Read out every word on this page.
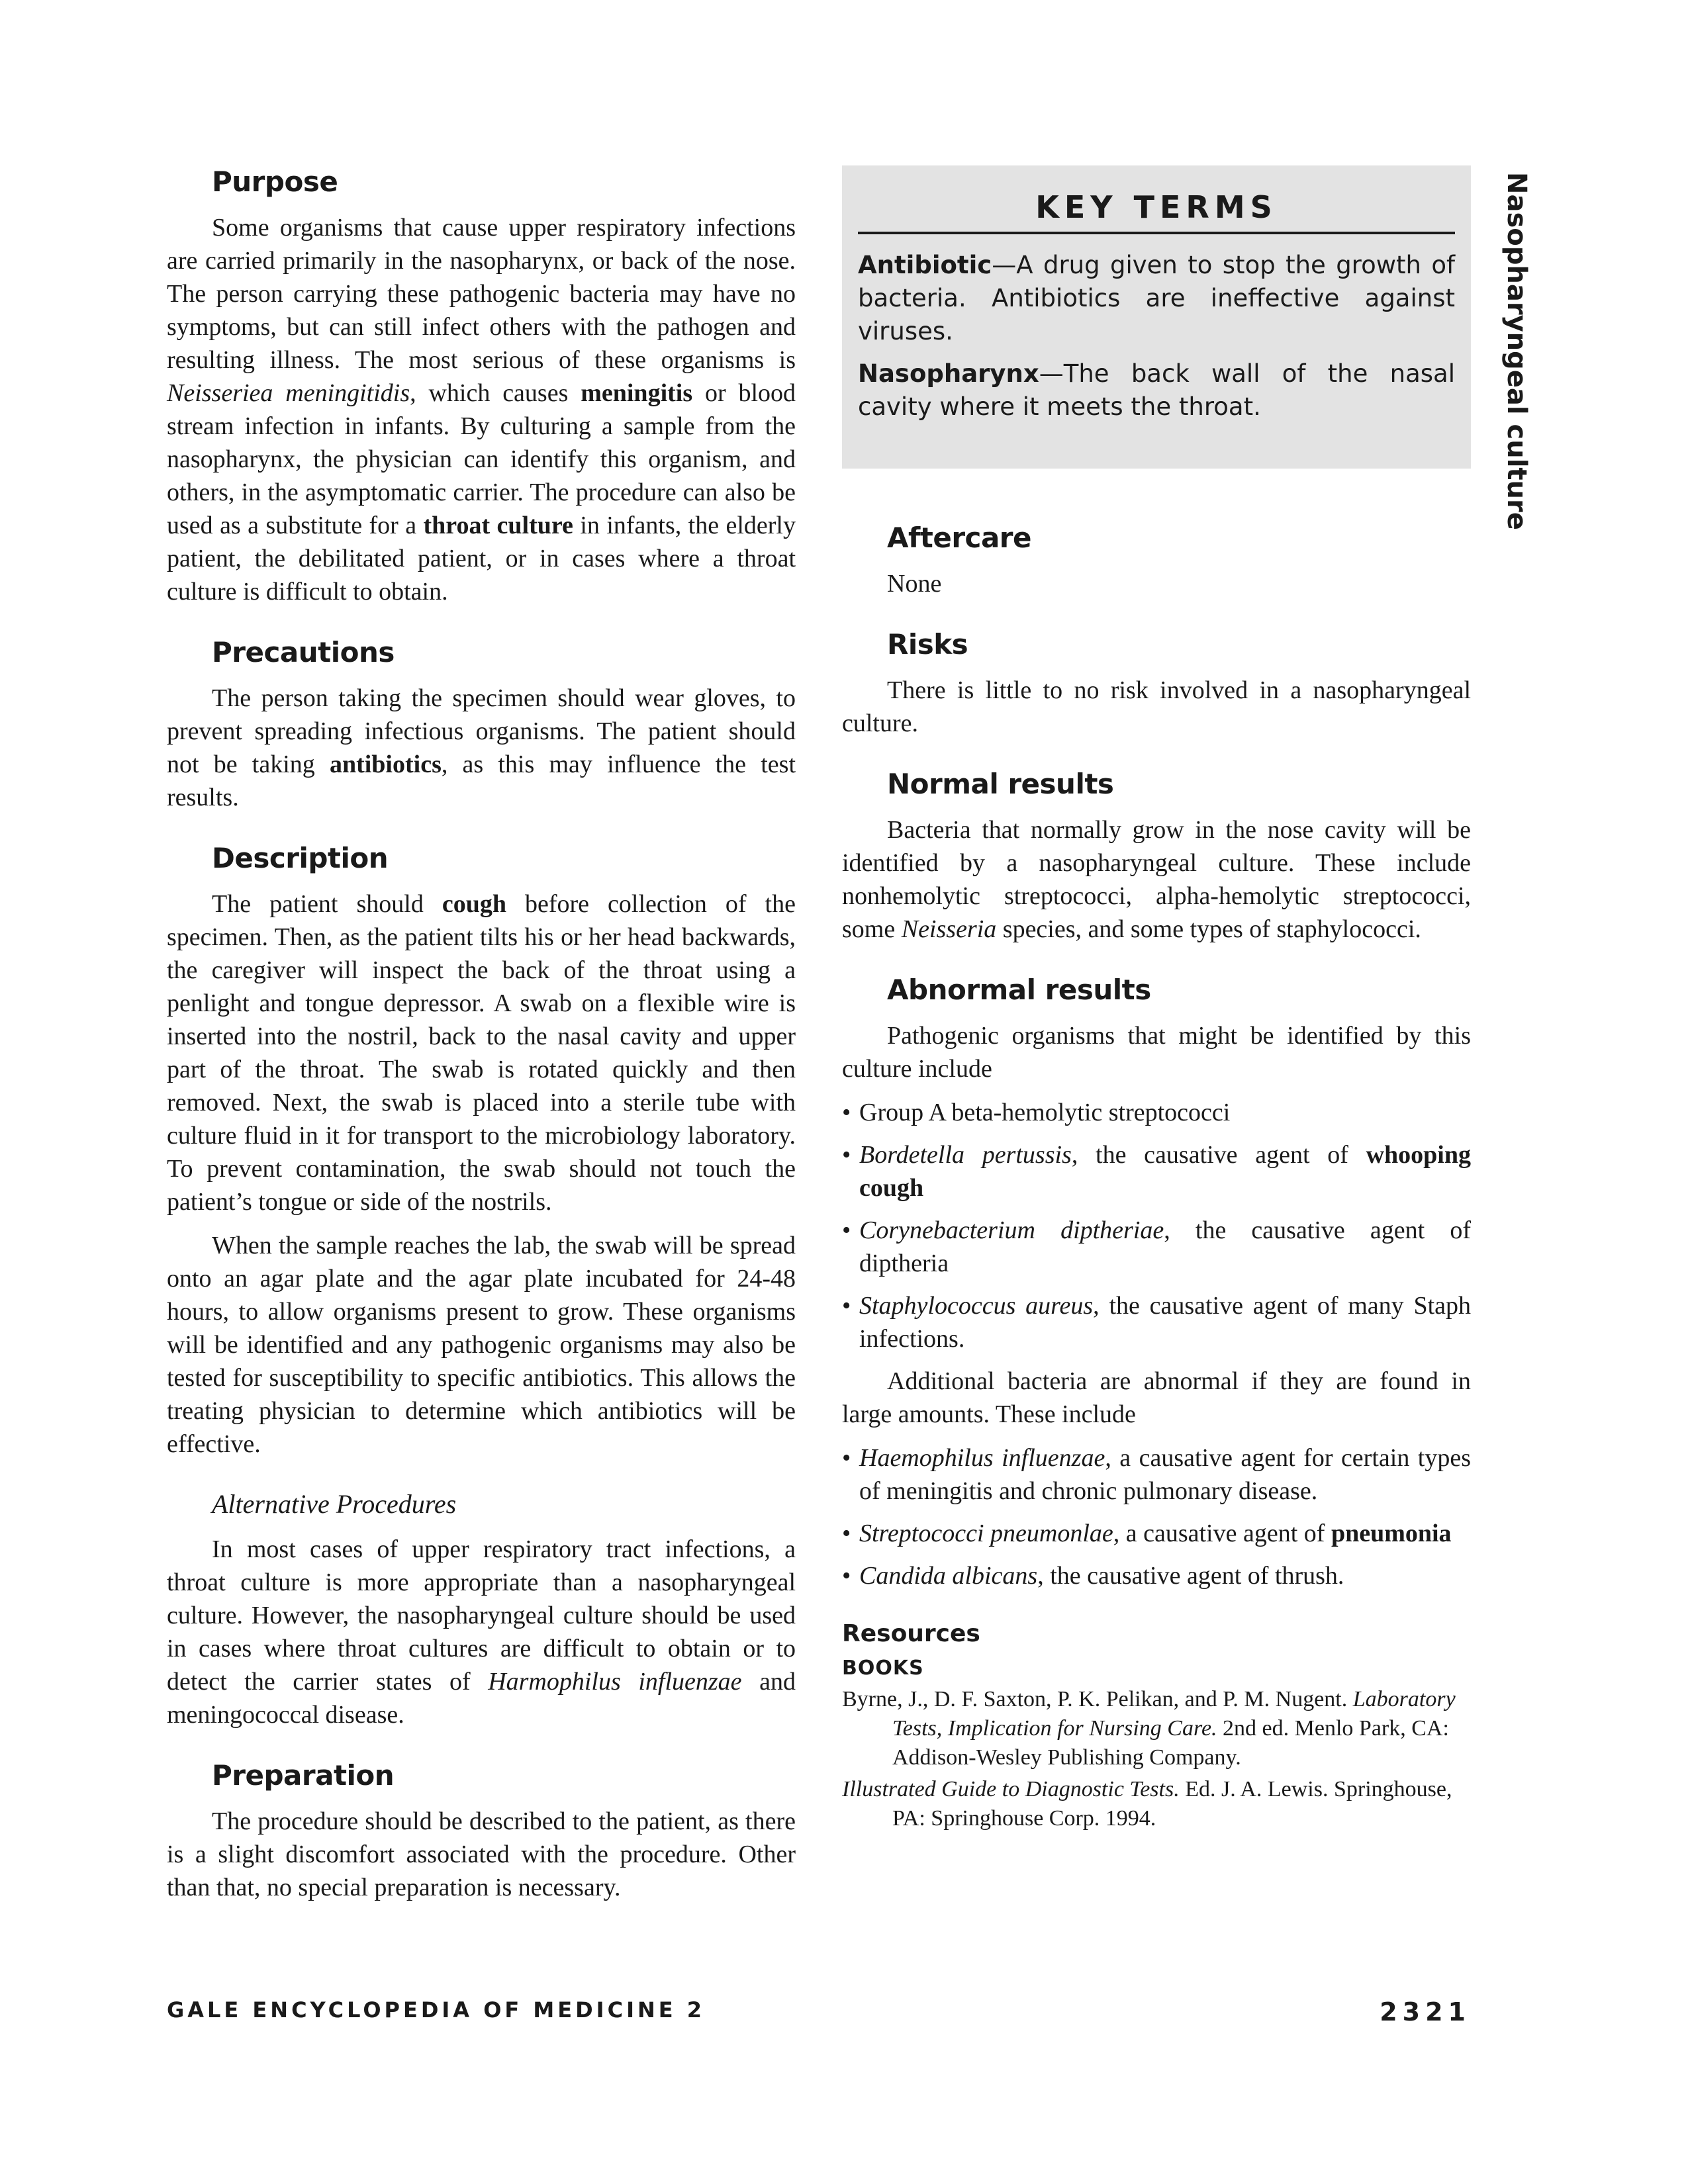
Nasopharyngeal culture
Purpose

Some organisms that cause upper respiratory infections are carried primarily in the nasopharynx, or back of the nose. The person carrying these pathogenic bacteria may have no symptoms, but can still infect others with the pathogen and resulting illness. The most serious of these organisms is Neisseriea meningitidis, which causes meningitis or blood stream infection in infants. By culturing a sample from the nasopharynx, the physician can identify this organism, and others, in the asymptomatic carrier. The procedure can also be used as a substitute for a throat culture in infants, the elderly patient, the debilitated patient, or in cases where a throat culture is difficult to obtain.

Precautions

The person taking the specimen should wear gloves, to prevent spreading infectious organisms. The patient should not be taking antibiotics, as this may influence the test results.

Description

The patient should cough before collection of the specimen. Then, as the patient tilts his or her head backwards, the caregiver will inspect the back of the throat using a penlight and tongue depressor. A swab on a flexible wire is inserted into the nostril, back to the nasal cavity and upper part of the throat. The swab is rotated quickly and then removed. Next, the swab is placed into a sterile tube with culture fluid in it for transport to the microbiology laboratory. To prevent contamination, the swab should not touch the patient’s tongue or side of the nostrils.

When the sample reaches the lab, the swab will be spread onto an agar plate and the agar plate incubated for 24-48 hours, to allow organisms present to grow. These organisms will be identified and any pathogenic organisms may also be tested for susceptibility to specific antibiotics. This allows the treating physician to determine which antibiotics will be effective.

Alternative Procedures

In most cases of upper respiratory tract infections, a throat culture is more appropriate than a nasopharyngeal culture. However, the nasopharyngeal culture should be used in cases where throat cultures are difficult to obtain or to detect the carrier states of Harmophilus influenzae and meningococcal disease.

Preparation

The procedure should be described to the patient, as there is a slight discomfort associated with the procedure. Other than that, no special preparation is necessary.

KEY TERMS

Antibiotic—A drug given to stop the growth of bacteria. Antibiotics are ineffective against viruses.

Nasopharynx—The back wall of the nasal cavity where it meets the throat.

Aftercare

None

Risks

There is little to no risk involved in a nasopharyngeal culture.

Normal results

Bacteria that normally grow in the nose cavity will be identified by a nasopharyngeal culture. These include nonhemolytic streptococci, alpha-hemolytic streptococci, some Neisseria species, and some types of staphylococci.

Abnormal results

Pathogenic organisms that might be identified by this culture include

• Group A beta-hemolytic streptococci
• Bordetella pertussis, the causative agent of whooping cough
• Corynebacterium diptheriae, the causative agent of diptheria
• Staphylococcus aureus, the causative agent of many Staph infections.

Additional bacteria are abnormal if they are found in large amounts. These include

• Haemophilus influenzae, a causative agent for certain types of meningitis and chronic pulmonary disease.
• Streptococci pneumonlae, a causative agent of pneumonia
• Candida albicans, the causative agent of thrush.
Resources
BOOKS

Byrne, J., D. F. Saxton, P. K. Pelikan, and P. M. Nugent. Laboratory Tests, Implication for Nursing Care. 2nd ed. Menlo Park, CA: Addison-Wesley Publishing Company.

Illustrated Guide to Diagnostic Tests. Ed. J. A. Lewis. Springhouse, PA: Springhouse Corp. 1994.

GALE ENCYCLOPEDIA OF MEDICINE 2	2321
